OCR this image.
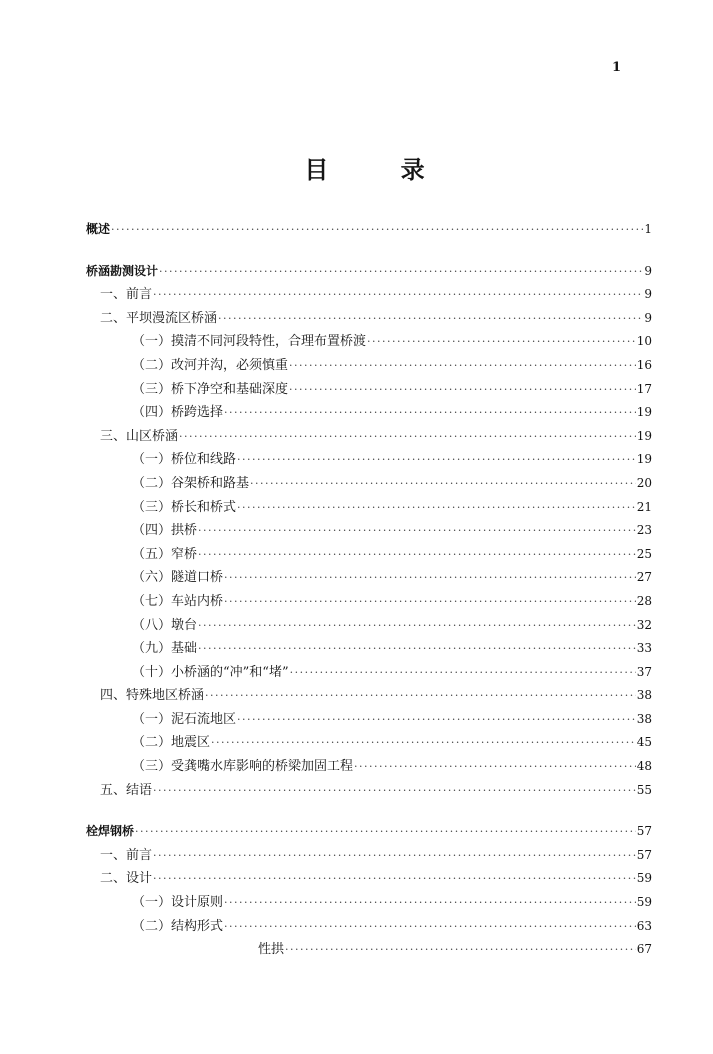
1
目 录
概述 ·····	1
桥涵勘测设计 ·····	9
一、前言 ·····	9
二、平坝漫流区桥涵 ·····	9
（一）摸清不同河段特性，合理布置桥渡 ·····	10
（二）改河并沟，必须慎重 ·····	16
（三）桥下净空和基础深度 ·····	17
（四）桥跨选择 ·····	19
三、山区桥涵 ·····	19
（一）桥位和线路 ·····	19
（二）谷架桥和路基 ·····	20
（三）桥长和桥式 ·····	21
（四）拱桥 ·····	23
（五）窄桥 ·····	25
（六）隧道口桥 ·····	27
（七）车站内桥 ·····	28
（八）墩台 ·····	32
（九）基础 ·····	33
（十）小桥涵的“冲”和“堵” ·····	37
四、特殊地区桥涵 ·····	38
（一）泥石流地区 ·····	38
（二）地震区 ·····	45
（三）受龚嘴水库影响的桥梁加固工程 ·····	48
五、结语 ·····	55
栓焊钢桥 ·····	57
一、前言 ·····	57
二、设计 ·····	59
（一）设计原则 ·····	59
（二）结构形式 ·····	63
性拱 ·····	67
